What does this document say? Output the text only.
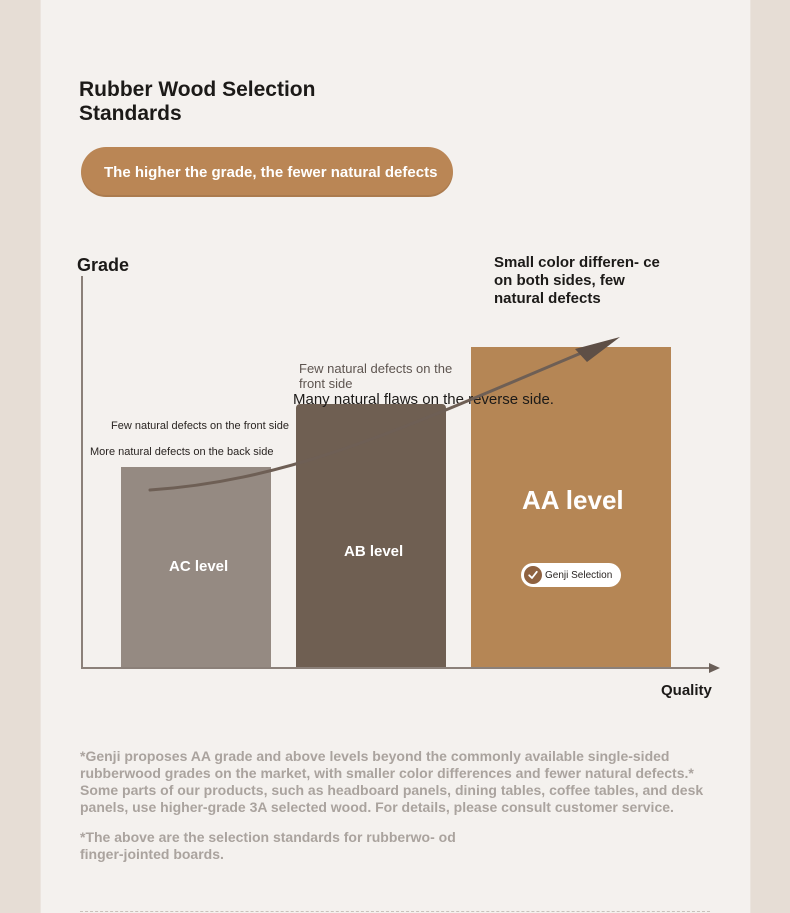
Rubber Wood Selection
Standards
The higher the grade, the fewer natural defects
Grade
Quality
AC level
AB level
AA level
Genji Selection
Few natural defects on the front side
More natural defects on the back side
Few natural defects on the front side
Many natural flaws on the reverse side.
Small color differen- ce on both sides, few natural defects
*Genji proposes AA grade and above levels beyond the commonly available single-sided rubberwood grades on the market, with smaller color differences and fewer natural defects.* Some parts of our products, such as headboard panels, dining tables, coffee tables, and desk panels, use higher-grade 3A selected wood. For details, please consult customer service.
*The above are the selection standards for rubberwo- od finger-jointed boards.
